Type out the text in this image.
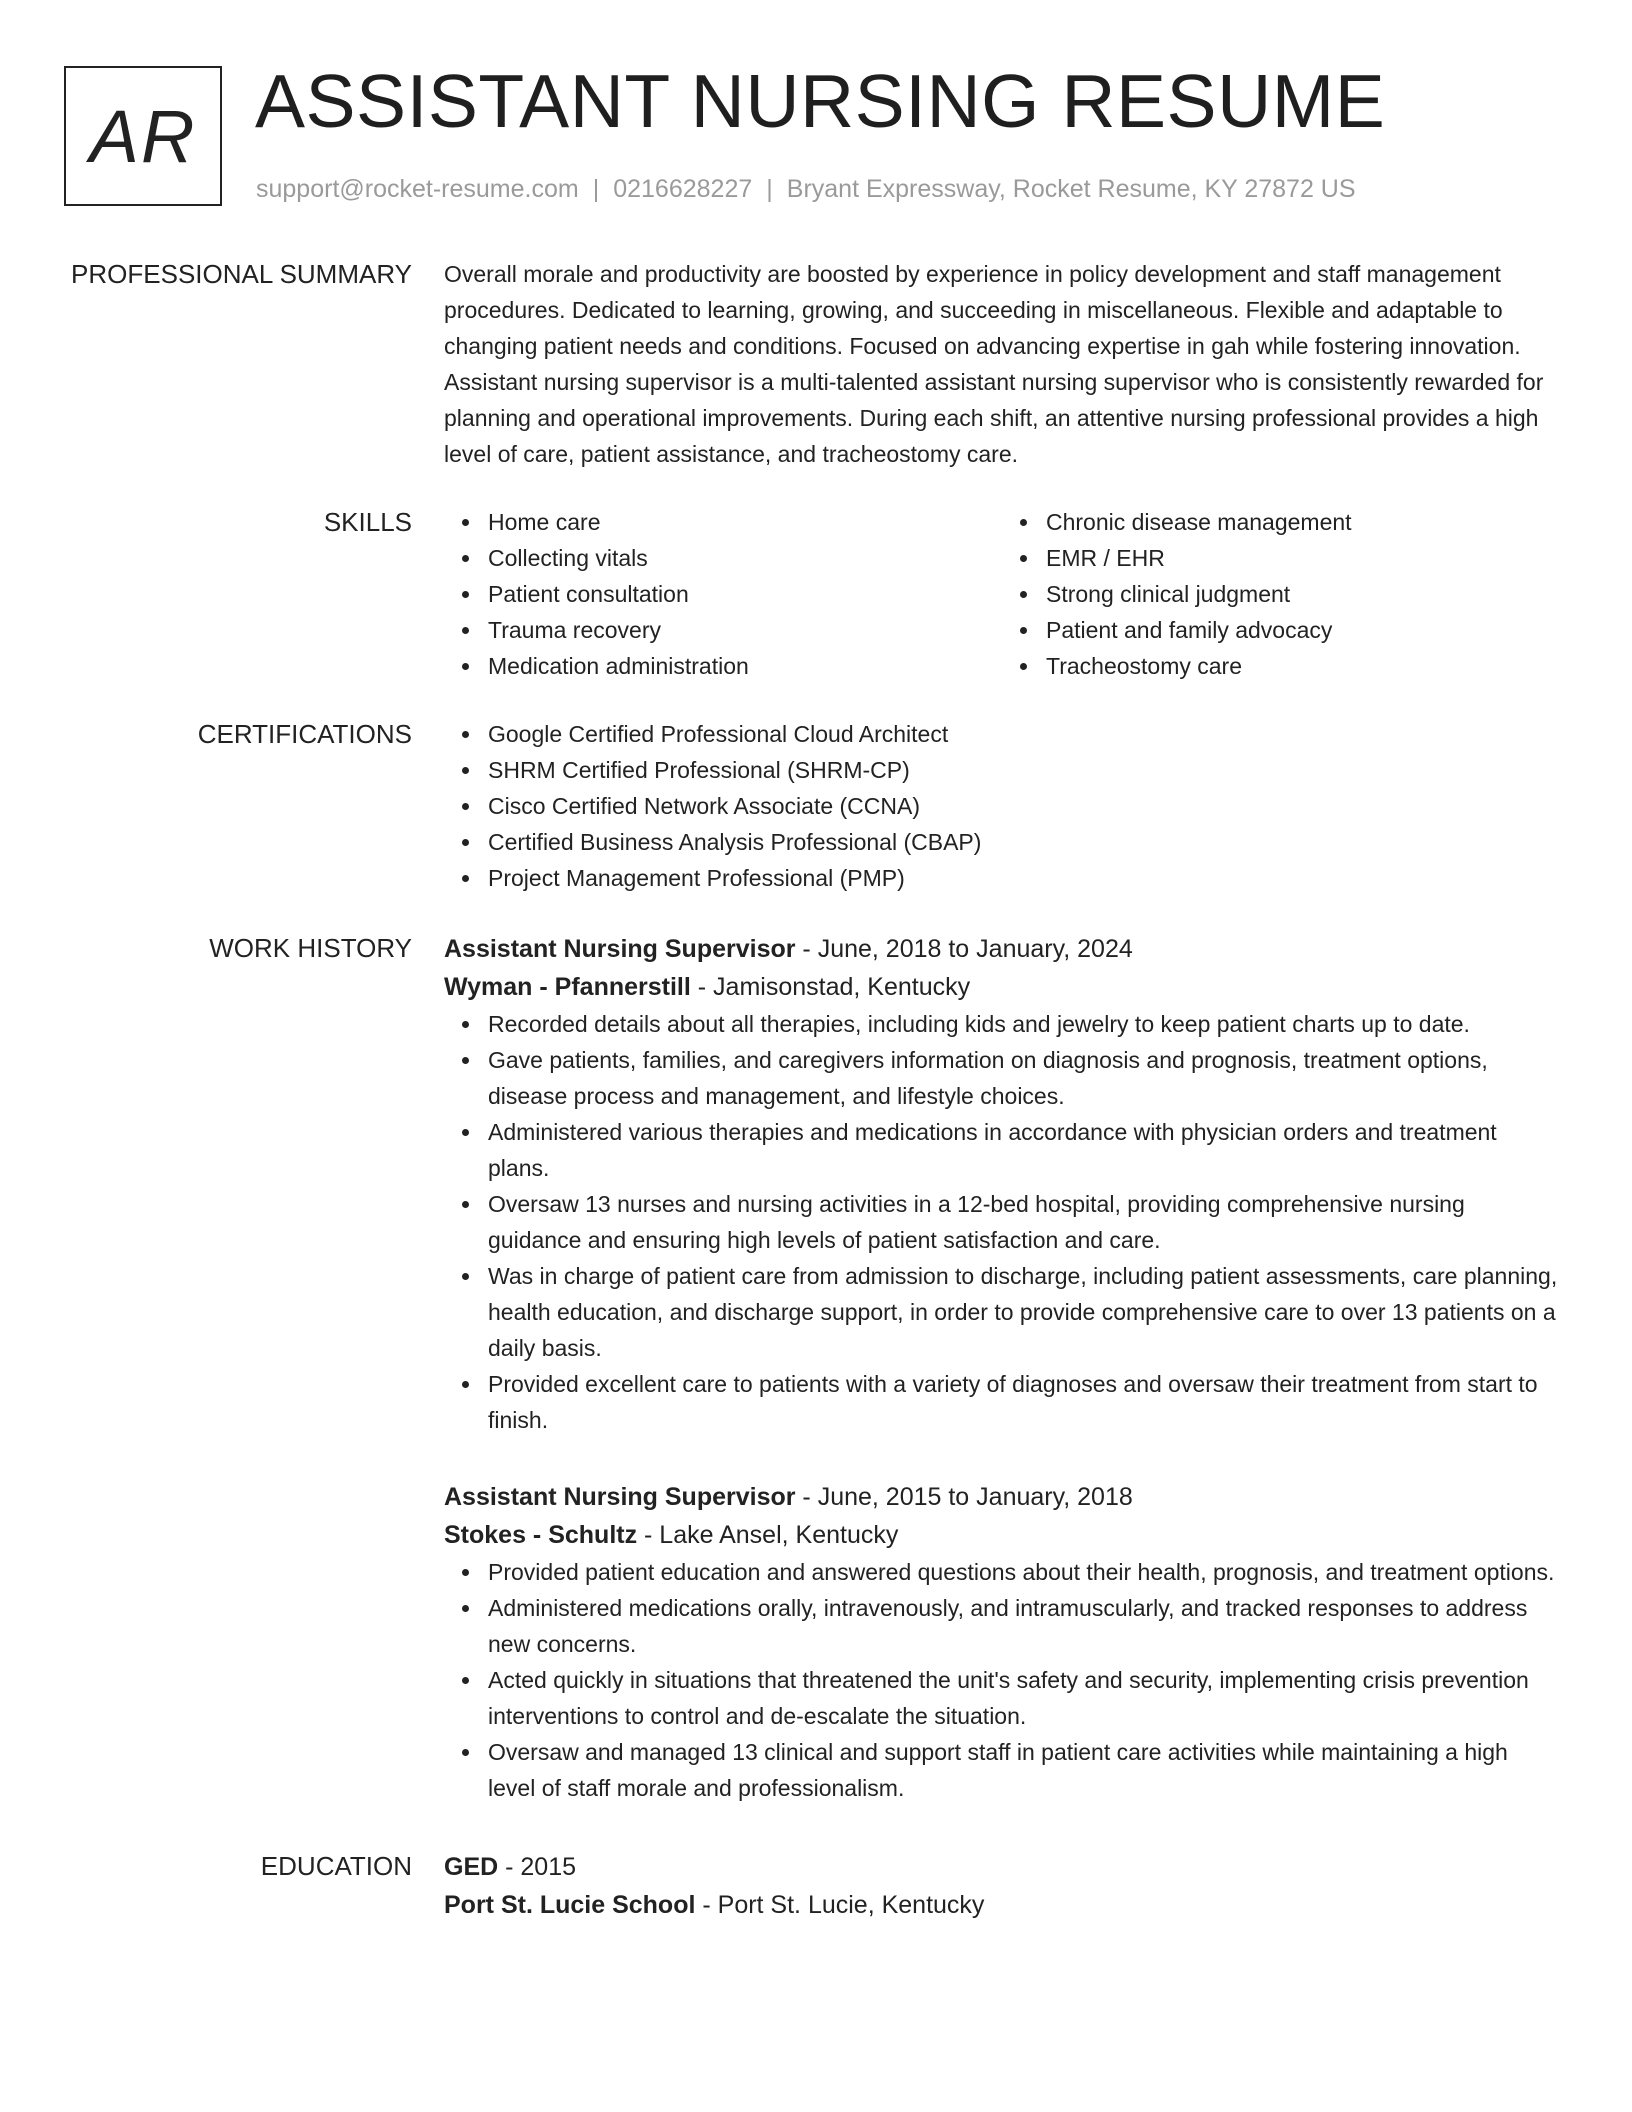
AR ASSISTANT NURSING RESUME
support@rocket-resume.com | 0216628227 | Bryant Expressway, Rocket Resume, KY 27872 US
PROFESSIONAL SUMMARY Overall morale and productivity are boosted by experience in policy development and staff management procedures. Dedicated to learning, growing, and succeeding in miscellaneous. Flexible and adaptable to changing patient needs and conditions. Focused on advancing expertise in gah while fostering innovation. Assistant nursing supervisor is a multi-talented assistant nursing supervisor who is consistently rewarded for planning and operational improvements. During each shift, an attentive nursing professional provides a high level of care, patient assistance, and tracheostomy care.

SKILLS	Home care
Collecting vitals
Patient consultation
Trauma recovery
Medication administration
Chronic disease management
EMR / EHR
Strong clinical judgment
Patient and family advocacy
Tracheostomy care
CERTIFICATIONS	Google Certified Professional Cloud Architect
SHRM Certified Professional (SHRM-CP)
Cisco Certified Network Associate (CCNA)
Certified Business Analysis Professional (CBAP)
Project Management Professional (PMP)
WORK HISTORY Assistant Nursing Supervisor - June, 2018 to January, 2024
Wyman - Pfannerstill - Jamisonstad, Kentucky
Recorded details about all therapies, including kids and jewelry to keep patient charts up to date.
Gave patients, families, and caregivers information on diagnosis and prognosis, treatment options, disease process and management, and lifestyle choices.
Administered various therapies and medications in accordance with physician orders and treatment plans.
Oversaw 13 nurses and nursing activities in a 12-bed hospital, providing comprehensive nursing guidance and ensuring high levels of patient satisfaction and care.
Was in charge of patient care from admission to discharge, including patient assessments, care planning, health education, and discharge support, in order to provide comprehensive care to over 13 patients on a daily basis.
Provided excellent care to patients with a variety of diagnoses and oversaw their treatment from start to finish.
Assistant Nursing Supervisor - June, 2015 to January, 2018
Stokes - Schultz - Lake Ansel, Kentucky
Provided patient education and answered questions about their health, prognosis, and treatment options.
Administered medications orally, intravenously, and intramuscularly, and tracked responses to address new concerns.
Acted quickly in situations that threatened the unit's safety and security, implementing crisis prevention interventions to control and de-escalate the situation.
Oversaw and managed 13 clinical and support staff in patient care activities while maintaining a high level of staff morale and professionalism.
EDUCATION GED - 2015
Port St. Lucie School - Port St. Lucie, Kentucky
